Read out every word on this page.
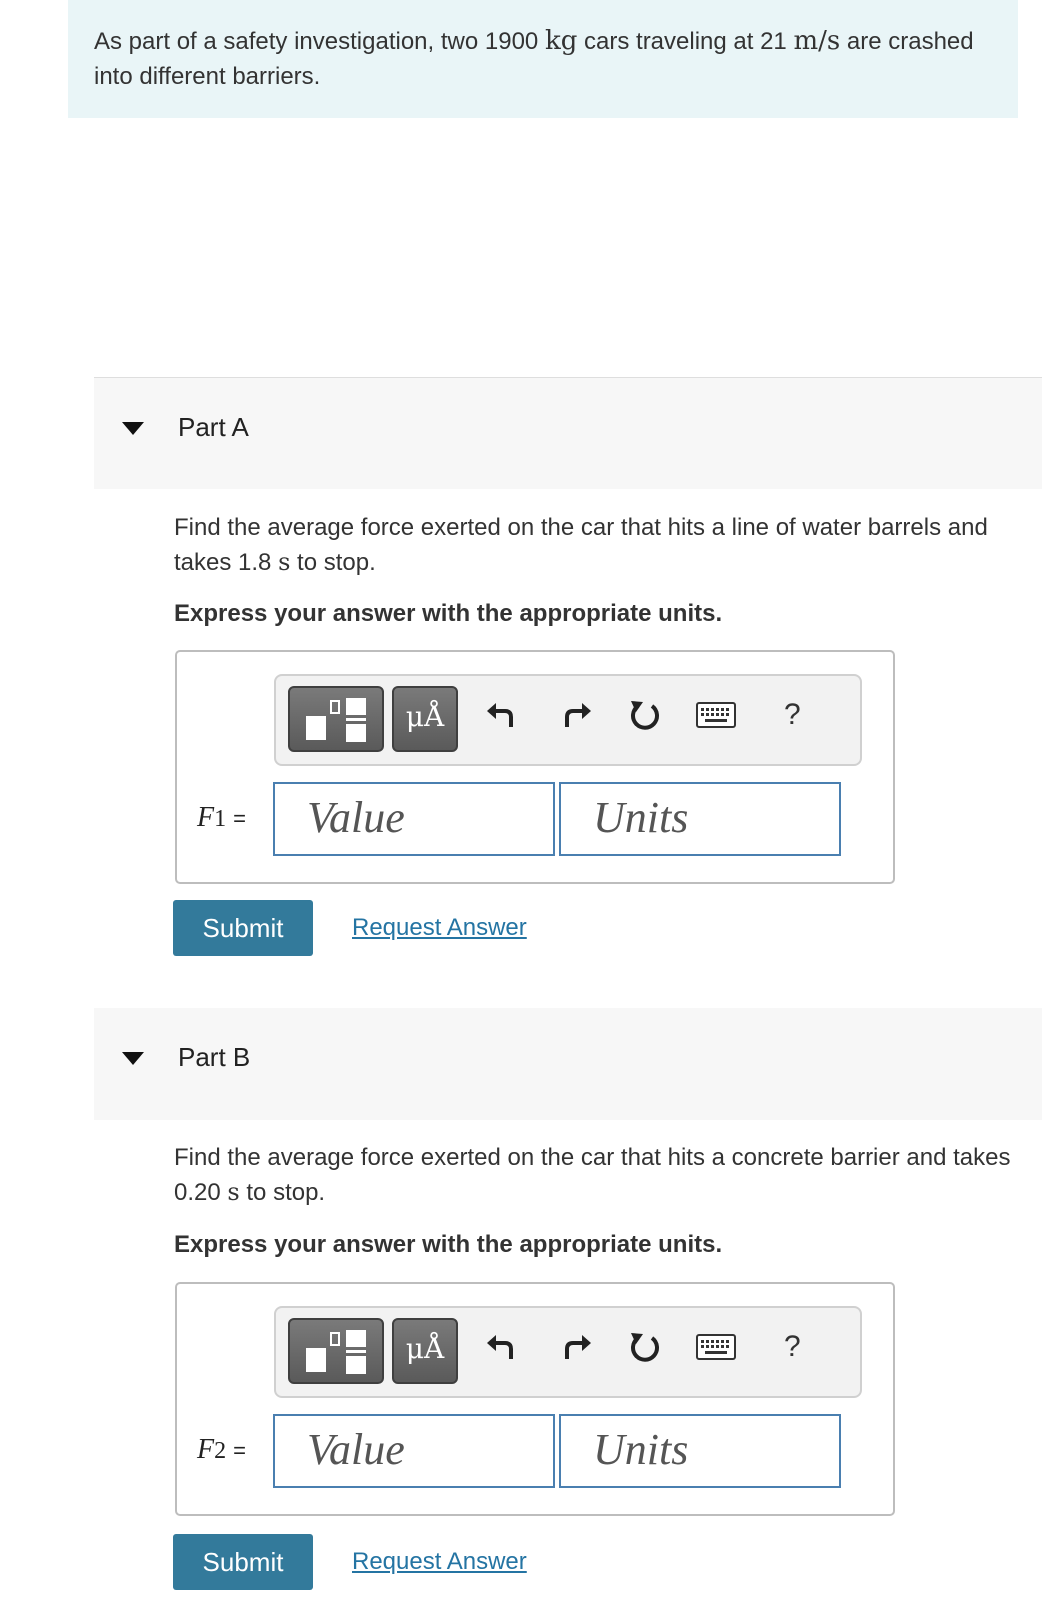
As part of a safety investigation, two 1900 kg cars traveling at 21 m/s are crashed into different barriers.
Part A
Find the average force exerted on the car that hits a line of water barrels and takes 1.8 s to stop.
Express your answer with the appropriate units.
μÅ	?
F1 =	Value	Units
Submit	Request Answer
Part B
Find the average force exerted on the car that hits a concrete barrier and takes 0.20 s to stop.
Express your answer with the appropriate units.
μÅ	?
F2 =	Value	Units
Submit	Request Answer
